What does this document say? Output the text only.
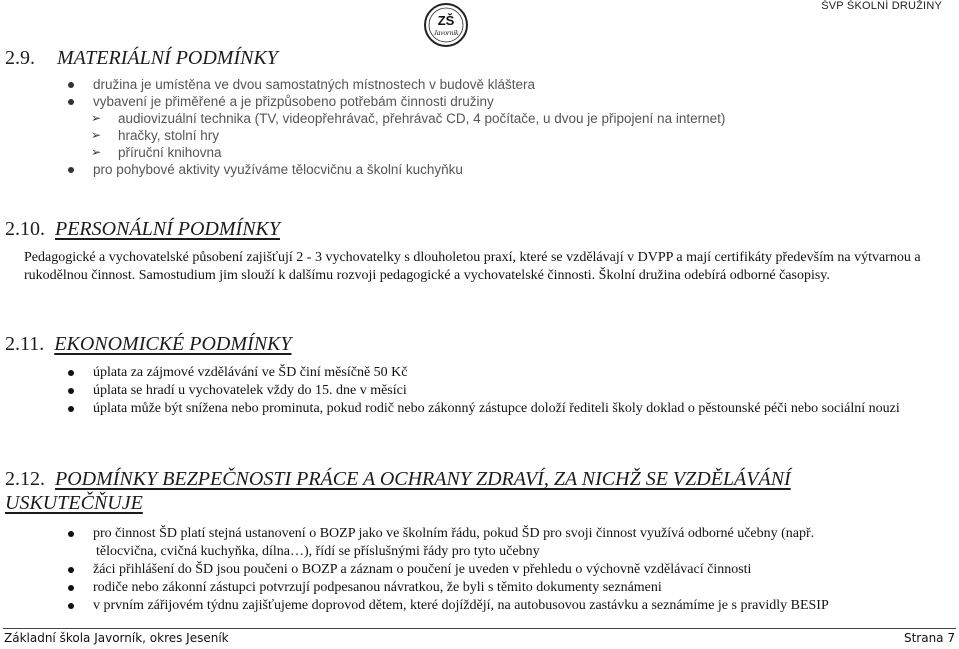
ŠVP ŠKOLNÍ DRUŽINY
ZŠ
Javorník
2.9. MATERIÁLNÍ PODMÍNKY
družina je umístěna ve dvou samostatných místnostech v budově kláštera
vybavení je přiměřené a je přizpůsobeno potřebám činnosti družiny
➢ audiovizuální technika (TV, videopřehrávač, přehrávač CD, 4 počítače, u dvou je připojení na internet)
➢ hračky, stolní hry
➢ příruční knihovna
pro pohybové aktivity využíváme tělocvičnu a školní kuchyňku
2.10. PERSONÁLNÍ PODMÍNKY
Pedagogické a vychovatelské působení zajišťují 2 - 3 vychovatelky s dlouholetou praxí, které se vzdělávají v DVPP a mají certifikáty především na výtvarnou a rukodělnou činnost. Samostudium jim slouží k dalšímu rozvoji pedagogické a vychovatelské činnosti. Školní družina odebírá odborné časopisy.
2.11. EKONOMICKÉ PODMÍNKY
úplata za zájmové vzdělávání ve ŠD činí měsíčně 50 Kč
úplata se hradí u vychovatelek vždy do 15. dne v měsíci
úplata může být snížena nebo prominuta, pokud rodič nebo zákonný zástupce doloží řediteli školy doklad o pěstounské péči nebo sociální nouzi
2.12. PODMÍNKY BEZPEČNOSTI PRÁCE A OCHRANY ZDRAVÍ, ZA NICHŽ SE VZDĚLÁVÁNÍ
USKUTEČŇUJE
pro činnost ŠD platí stejná ustanovení o BOZP jako ve školním řádu, pokud ŠD pro svoji činnost využívá odborné učebny (např.
tělocvična, cvičná kuchyňka, dílna…), řídí se příslušnými řády pro tyto učebny
žáci přihlášení do ŠD jsou poučeni o BOZP a záznam o poučení je uveden v přehledu o výchovně vzdělávací činnosti
rodiče nebo zákonní zástupci potvrzují podpesanou návratkou, že byli s těmito dokumenty seznámeni
v prvním zářijovém týdnu zajišťujeme doprovod dětem, které dojíždějí, na autobusovou zastávku a seznámíme je s pravidly BESIP
Základní škola Javorník, okres Jeseník	Strana 7
